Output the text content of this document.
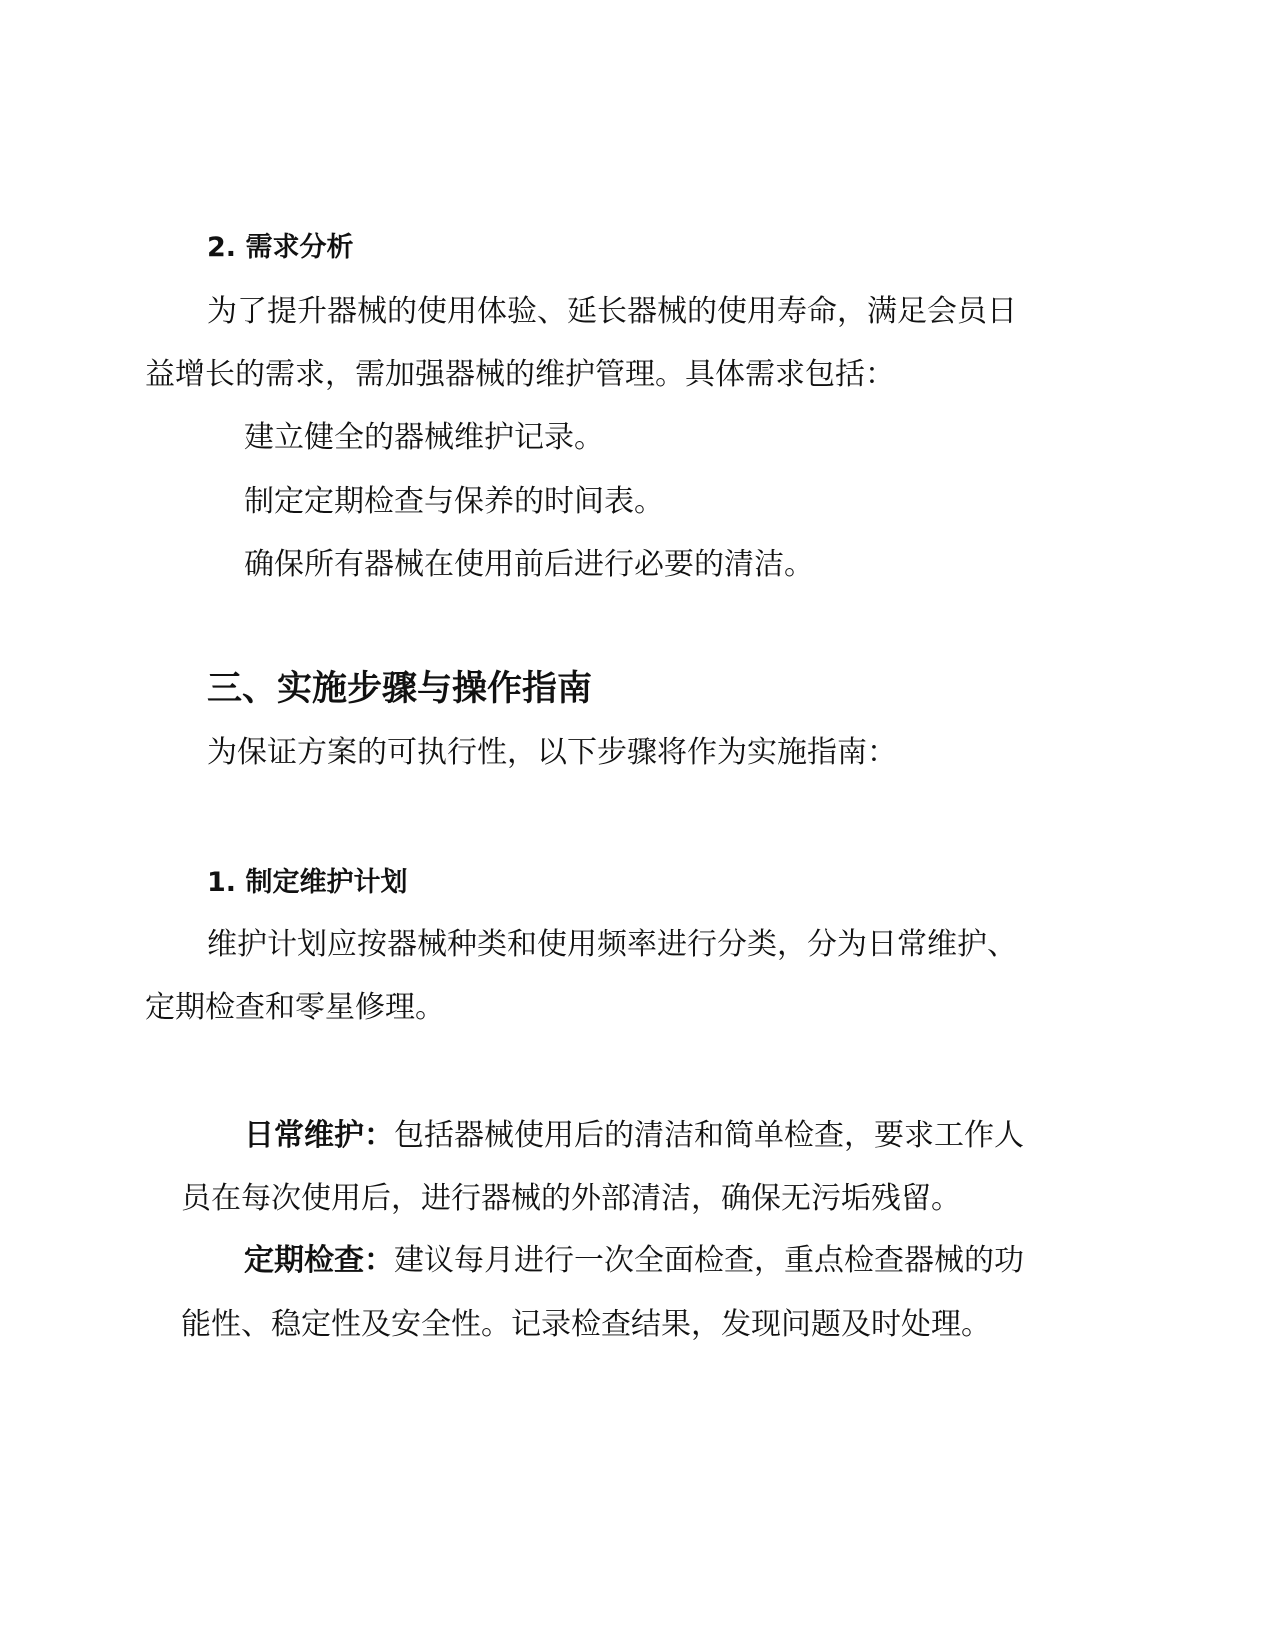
2. 需求分析
为了提升器械的使用体验、延长器械的使用寿命，满足会员日
益增长的需求，需加强器械的维护管理。具体需求包括：
建立健全的器械维护记录。
制定定期检查与保养的时间表。
确保所有器械在使用前后进行必要的清洁。
三、实施步骤与操作指南
为保证方案的可执行性，以下步骤将作为实施指南：
1. 制定维护计划
维护计划应按器械种类和使用频率进行分类，分为日常维护、
定期检查和零星修理。
日常维护：包括器械使用后的清洁和简单检查，要求工作人
员在每次使用后，进行器械的外部清洁，确保无污垢残留。
定期检查：建议每月进行一次全面检查，重点检查器械的功
能性、稳定性及安全性。记录检查结果，发现问题及时处理。
